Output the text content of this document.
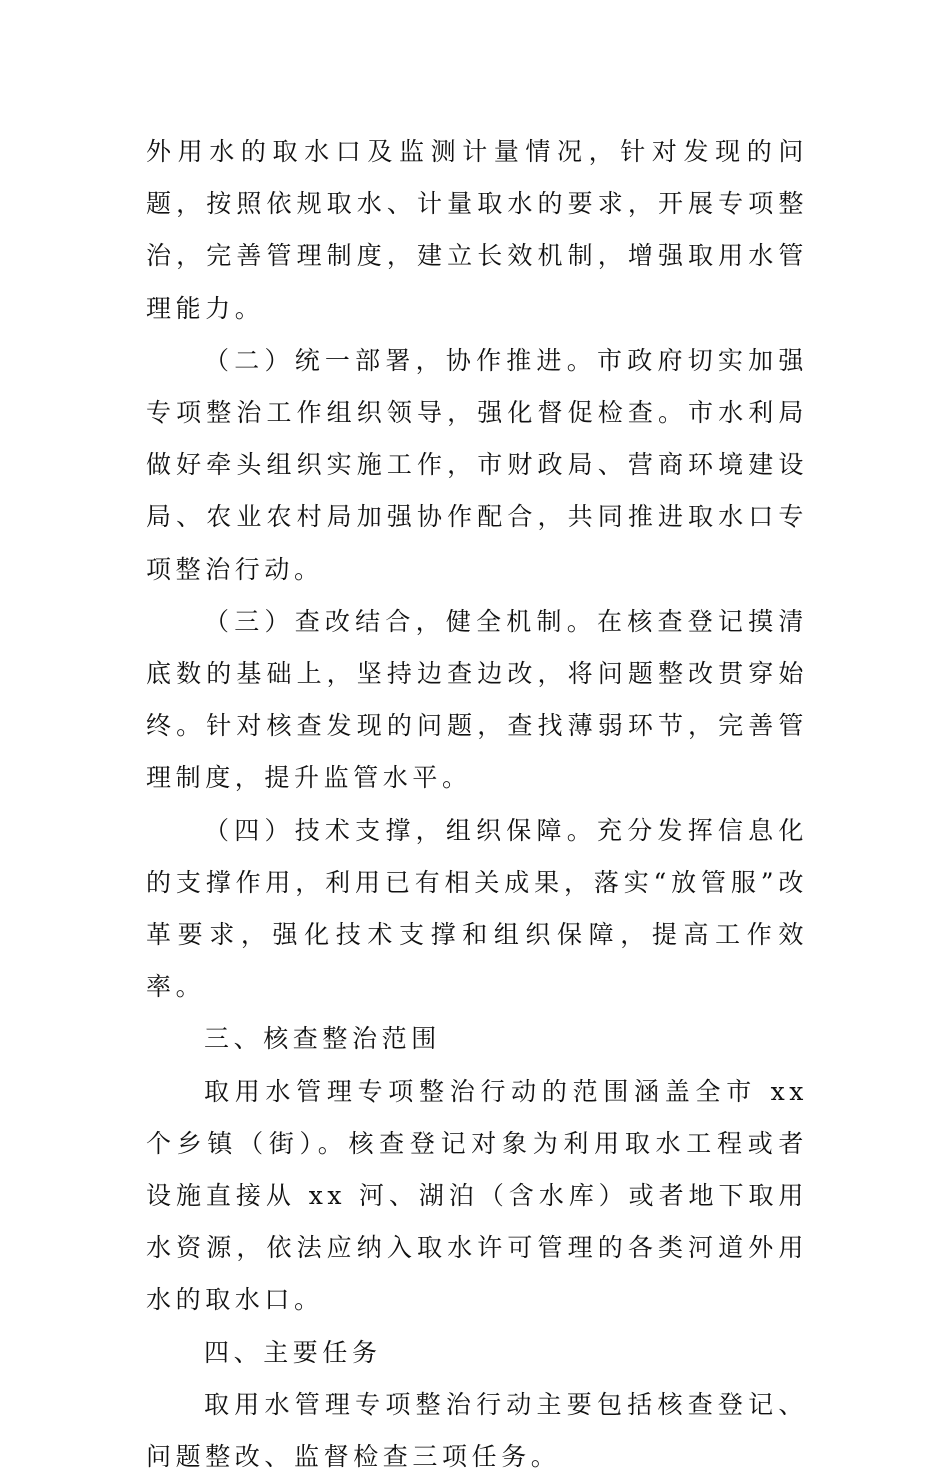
外用水的取水口及监测计量情况，针对发现的问题，按照依规取水、计量取水的要求，开展专项整治，完善管理制度，建立长效机制，增强取用水管理能力。

（二）统一部署，协作推进。市政府切实加强专项整治工作组织领导，强化督促检查。市水利局做好牵头组织实施工作，市财政局、营商环境建设局、农业农村局加强协作配合，共同推进取水口专项整治行动。

（三）查改结合，健全机制。在核查登记摸清底数的基础上，坚持边查边改，将问题整改贯穿始终。针对核查发现的问题，查找薄弱环节，完善管理制度，提升监管水平。

（四）技术支撑，组织保障。充分发挥信息化的支撑作用，利用已有相关成果，落实“放管服”改革要求，强化技术支撑和组织保障，提高工作效率。

三、核查整治范围

取用水管理专项整治行动的范围涵盖全市 xx 个乡镇（街）。核查登记对象为利用取水工程或者设施直接从 xx 河、湖泊（含水库）或者地下取用水资源，依法应纳入取水许可管理的各类河道外用水的取水口。

四、主要任务

取用水管理专项整治行动主要包括核查登记、问题整改、监督检查三项任务。
